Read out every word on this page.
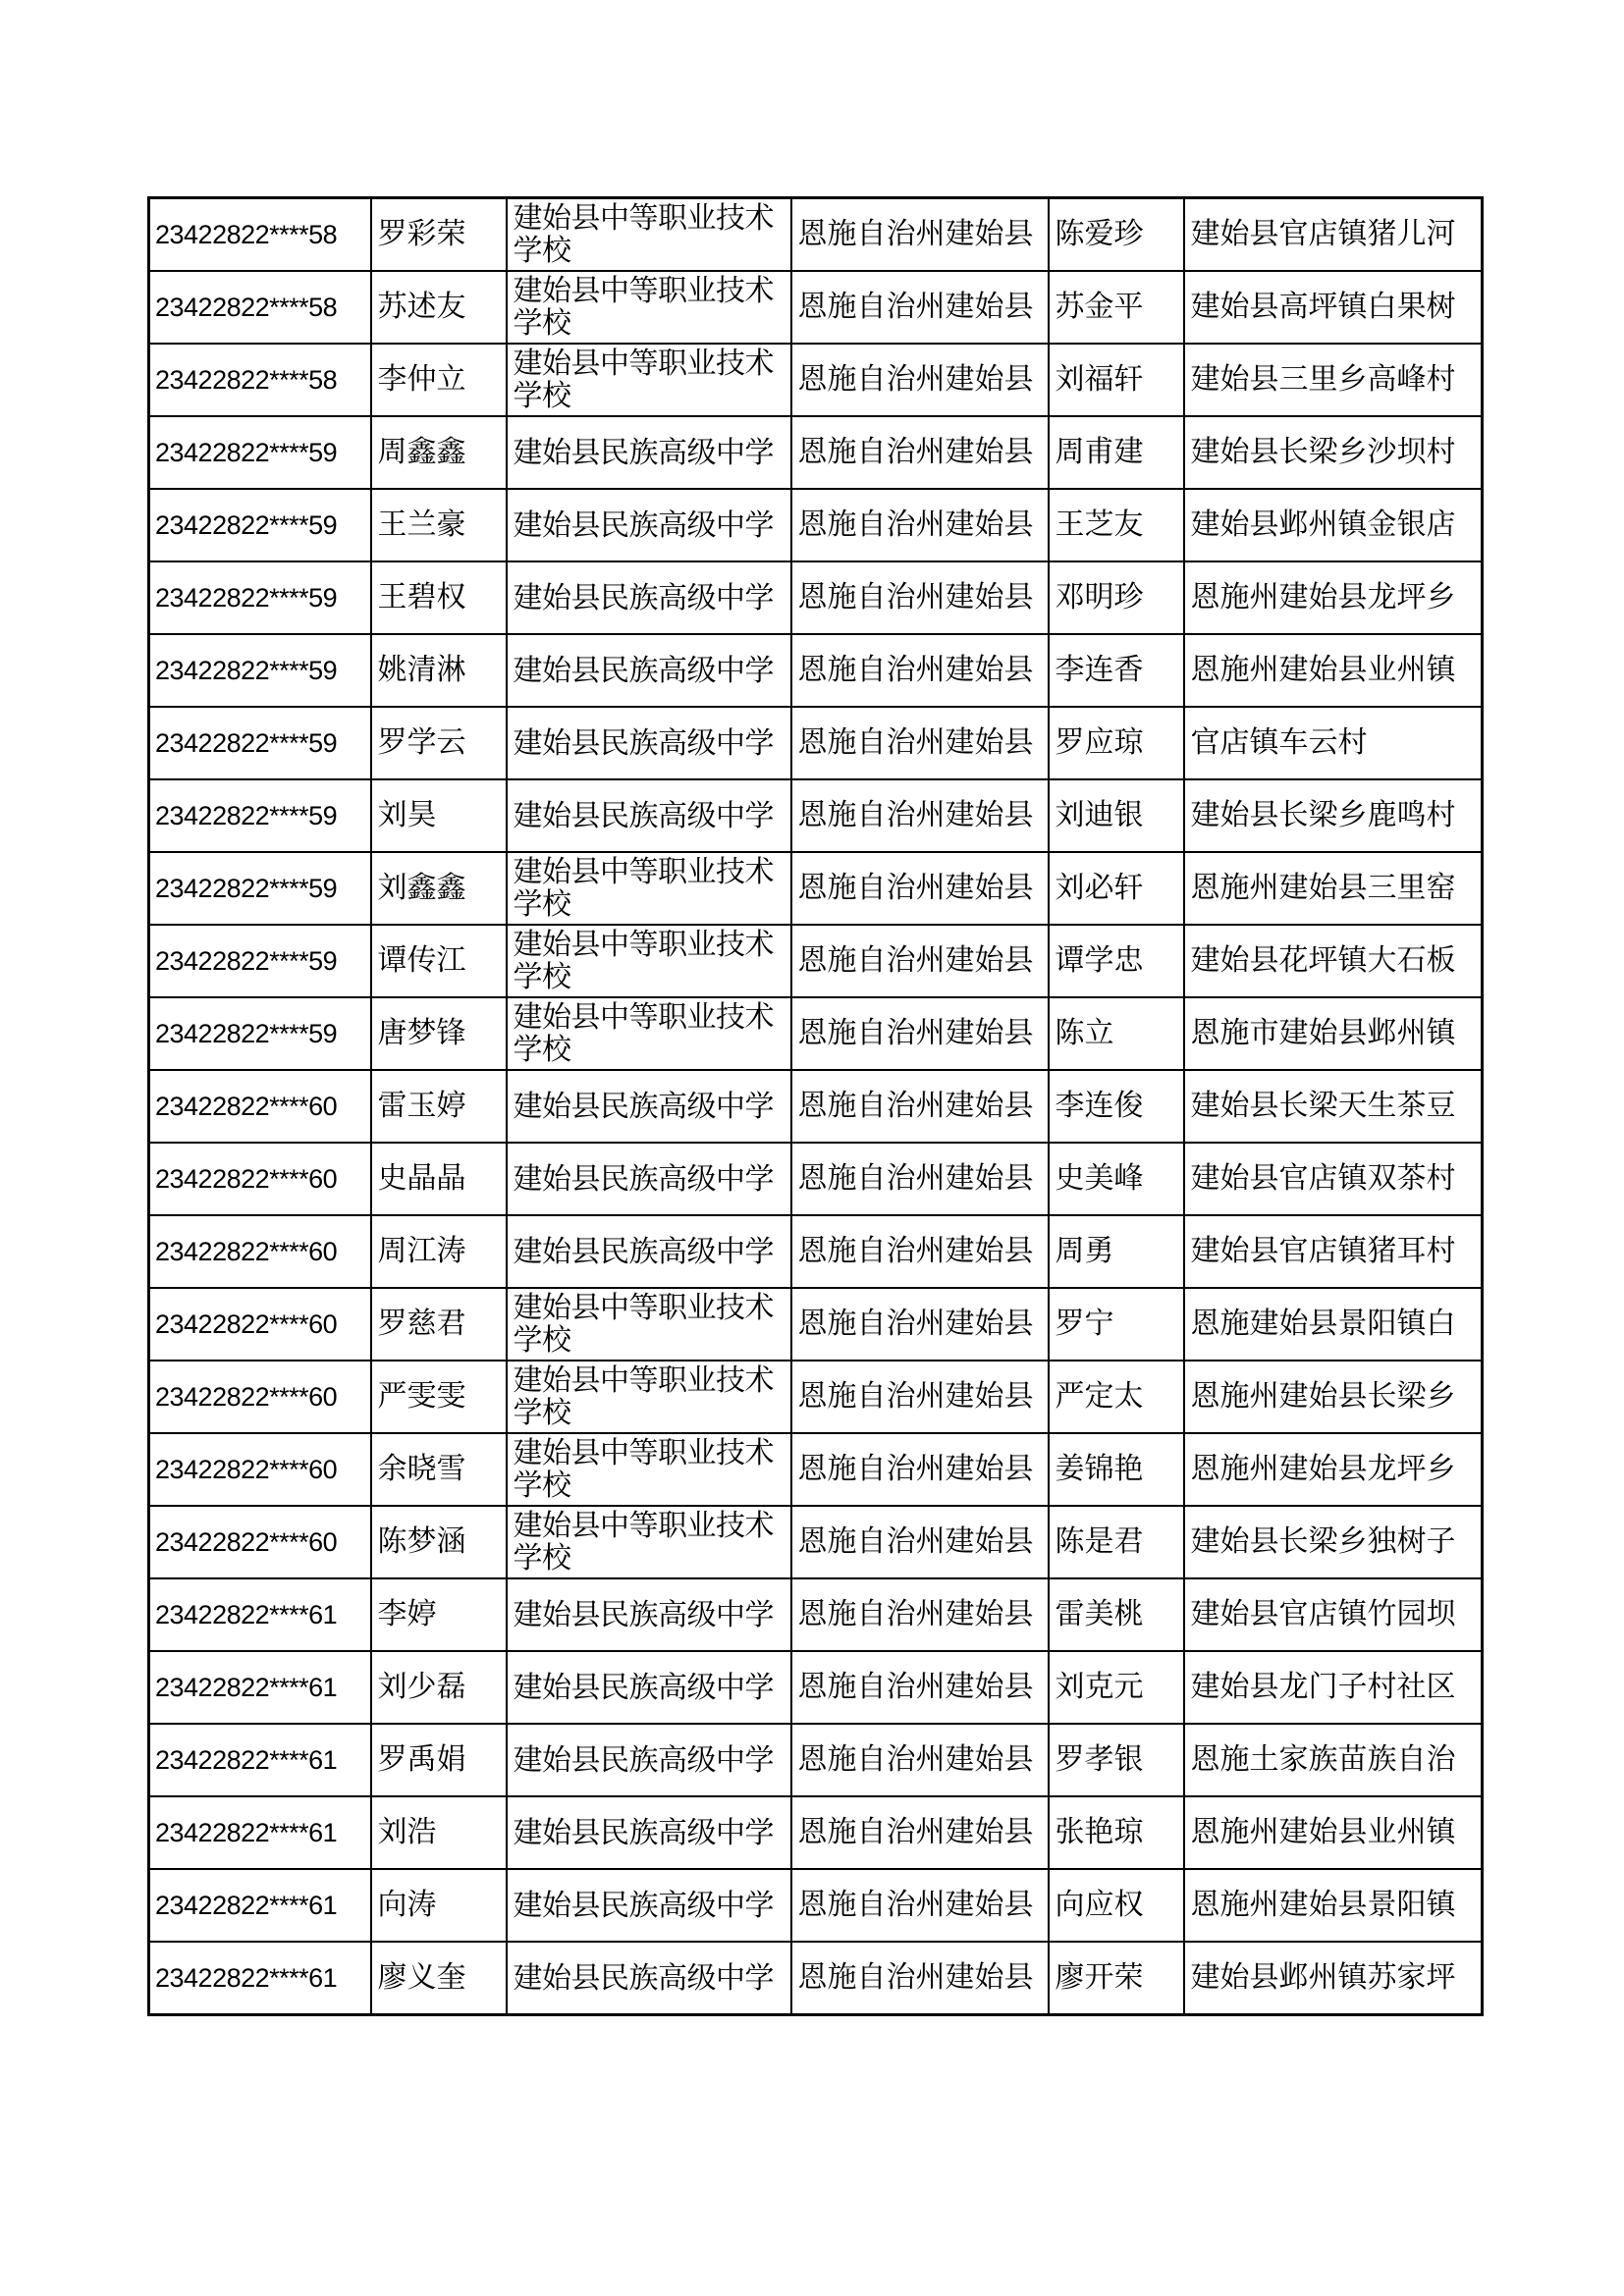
23422822****58	罗彩荣	建始县中等职业技术学校	恩施自治州建始县	陈爱珍	建始县官店镇猪儿河
23422822****58	苏述友	建始县中等职业技术学校	恩施自治州建始县	苏金平	建始县高坪镇白果树
23422822****58	李仲立	建始县中等职业技术学校	恩施自治州建始县	刘福轩	建始县三里乡高峰村
23422822****59	周鑫鑫	建始县民族高级中学	恩施自治州建始县	周甫建	建始县长梁乡沙坝村
23422822****59	王兰豪	建始县民族高级中学	恩施自治州建始县	王芝友	建始县邺州镇金银店
23422822****59	王碧权	建始县民族高级中学	恩施自治州建始县	邓明珍	恩施州建始县龙坪乡
23422822****59	姚清淋	建始县民族高级中学	恩施自治州建始县	李连香	恩施州建始县业州镇
23422822****59	罗学云	建始县民族高级中学	恩施自治州建始县	罗应琼	官店镇车云村
23422822****59	刘昊	建始县民族高级中学	恩施自治州建始县	刘迪银	建始县长梁乡鹿鸣村
23422822****59	刘鑫鑫	建始县中等职业技术学校	恩施自治州建始县	刘必轩	恩施州建始县三里窑
23422822****59	谭传江	建始县中等职业技术学校	恩施自治州建始县	谭学忠	建始县花坪镇大石板
23422822****59	唐梦锋	建始县中等职业技术学校	恩施自治州建始县	陈立	恩施市建始县邺州镇
23422822****60	雷玉婷	建始县民族高级中学	恩施自治州建始县	李连俊	建始县长梁天生茶豆
23422822****60	史晶晶	建始县民族高级中学	恩施自治州建始县	史美峰	建始县官店镇双茶村
23422822****60	周江涛	建始县民族高级中学	恩施自治州建始县	周勇	建始县官店镇猪耳村
23422822****60	罗慈君	建始县中等职业技术学校	恩施自治州建始县	罗宁	恩施建始县景阳镇白
23422822****60	严雯雯	建始县中等职业技术学校	恩施自治州建始县	严定太	恩施州建始县长梁乡
23422822****60	余晓雪	建始县中等职业技术学校	恩施自治州建始县	姜锦艳	恩施州建始县龙坪乡
23422822****60	陈梦涵	建始县中等职业技术学校	恩施自治州建始县	陈是君	建始县长梁乡独树子
23422822****61	李婷	建始县民族高级中学	恩施自治州建始县	雷美桃	建始县官店镇竹园坝
23422822****61	刘少磊	建始县民族高级中学	恩施自治州建始县	刘克元	建始县龙门子村社区
23422822****61	罗禹娟	建始县民族高级中学	恩施自治州建始县	罗孝银	恩施土家族苗族自治
23422822****61	刘浩	建始县民族高级中学	恩施自治州建始县	张艳琼	恩施州建始县业州镇
23422822****61	向涛	建始县民族高级中学	恩施自治州建始县	向应权	恩施州建始县景阳镇
23422822****61	廖义奎	建始县民族高级中学	恩施自治州建始县	廖开荣	建始县邺州镇苏家坪
